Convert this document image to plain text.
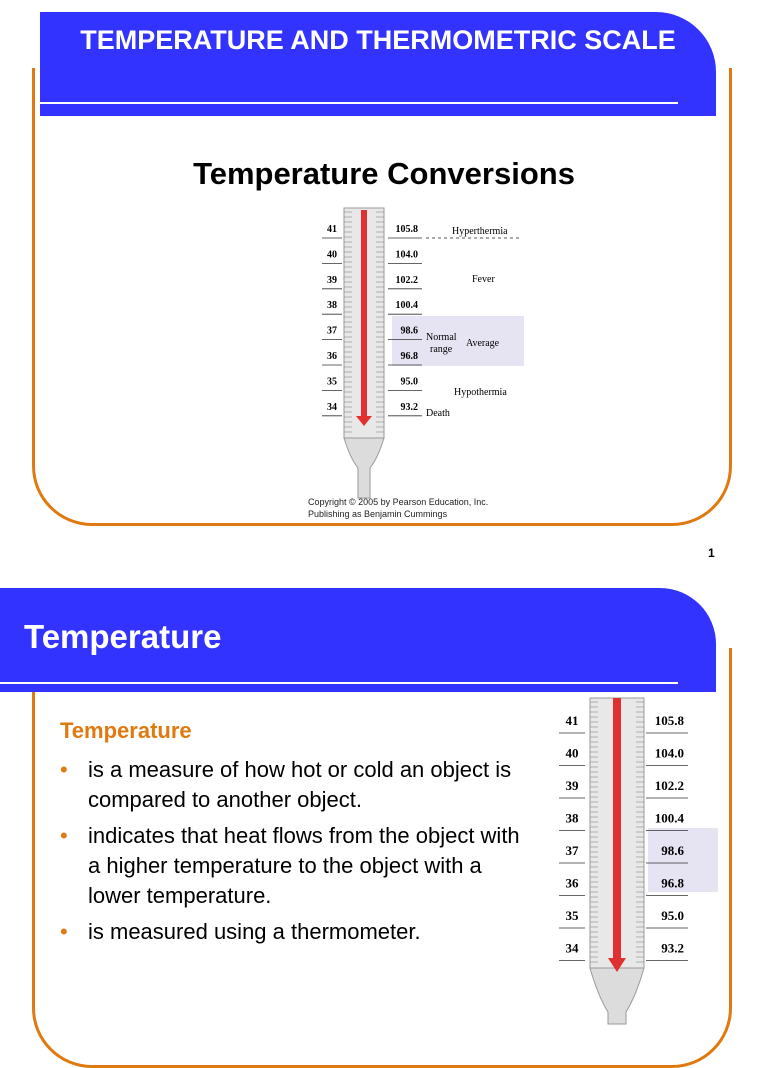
TEMPERATURE AND THERMOMETRIC SCALE
Temperature Conversions
41	105.8
40	104.0
39	102.2
38	100.4
37	98.6
36	96.8
35	95.0
34	93.2
Hyperthermia
Fever
Normal
range
Average
Hypothermia
Death
Copyright © 2005 by Pearson Education, Inc.
Publishing as Benjamin Cummings
1
Temperature
Temperature
• is a measure of how hot or cold an object is compared to another object.
• indicates that heat flows from the object with a higher temperature to the object with a lower temperature.
• is measured using a thermometer.
41	105.8
40	104.0
39	102.2
38	100.4
37	98.6
36	96.8
35	95.0
34	93.2
